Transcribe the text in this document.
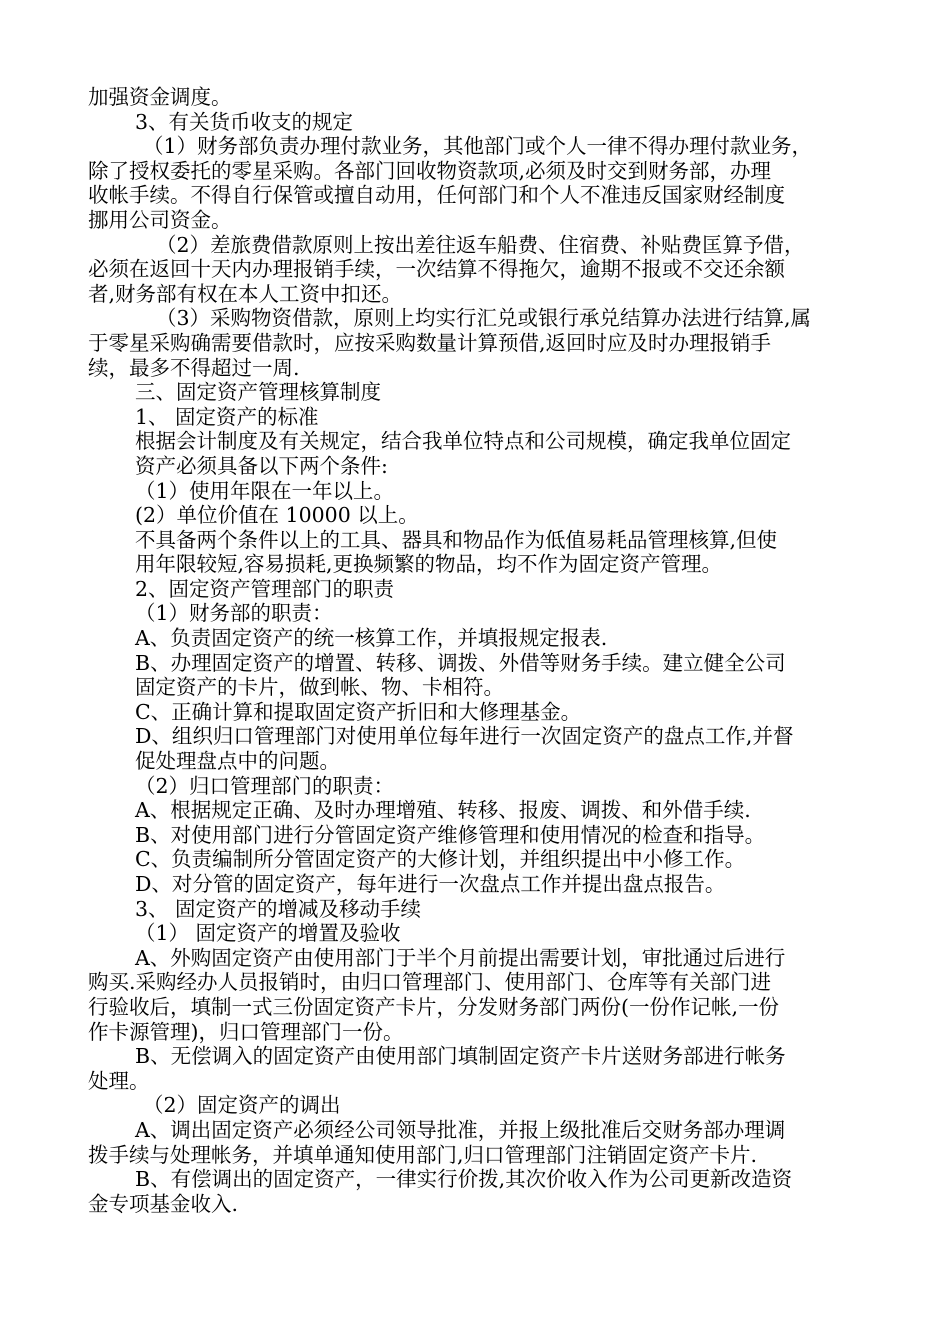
加强资金调度。
3、有关货币收支的规定
（1）财务部负责办理付款业务，其他部门或个人一律不得办理付款业务，
除了授权委托的零星采购。各部门回收物资款项,必须及时交到财务部，办理
收帐手续。不得自行保管或擅自动用，任何部门和个人不准违反国家财经制度
挪用公司资金。
（2）差旅费借款原则上按出差往返车船费、住宿费、补贴费匡算予借，
必须在返回十天内办理报销手续，一次结算不得拖欠，逾期不报或不交还余额
者,财务部有权在本人工资中扣还。
（3）采购物资借款，原则上均实行汇兑或银行承兑结算办法进行结算,属
于零星采购确需要借款时，应按采购数量计算预借,返回时应及时办理报销手
续，最多不得超过一周.
三、固定资产管理核算制度
1、 固定资产的标准
根据会计制度及有关规定，结合我单位特点和公司规模，确定我单位固定
资产必须具备以下两个条件:
（1）使用年限在一年以上。
(2）单位价值在 10000 以上。
不具备两个条件以上的工具、器具和物品作为低值易耗品管理核算,但使
用年限较短,容易损耗,更换频繁的物品，均不作为固定资产管理。
2、固定资产管理部门的职责
（1）财务部的职责：
A、负责固定资产的统一核算工作，并填报规定报表.
B、办理固定资产的增置、转移、调拨、外借等财务手续。建立健全公司
固定资产的卡片，做到帐、物、卡相符。
C、正确计算和提取固定资产折旧和大修理基金。
D、组织归口管理部门对使用单位每年进行一次固定资产的盘点工作,并督
促处理盘点中的问题。
（2）归口管理部门的职责：
A、根据规定正确、及时办理增殖、转移、报废、调拨、和外借手续.
B、对使用部门进行分管固定资产维修管理和使用情况的检查和指导。
C、负责编制所分管固定资产的大修计划，并组织提出中小修工作。
D、对分管的固定资产，每年进行一次盘点工作并提出盘点报告。
3、 固定资产的增减及移动手续
（1） 固定资产的增置及验收
A、外购固定资产由使用部门于半个月前提出需要计划，审批通过后进行
购买.采购经办人员报销时，由归口管理部门、使用部门、仓库等有关部门进
行验收后，填制一式三份固定资产卡片，分发财务部门两份(一份作记帐,一份
作卡源管理)，归口管理部门一份。
B、无偿调入的固定资产由使用部门填制固定资产卡片送财务部进行帐务
处理。
（2）固定资产的调出
A、调出固定资产必须经公司领导批准，并报上级批准后交财务部办理调
拨手续与处理帐务，并填单通知使用部门,归口管理部门注销固定资产卡片.
B、有偿调出的固定资产，一律实行价拨,其次价收入作为公司更新改造资
金专项基金收入.
